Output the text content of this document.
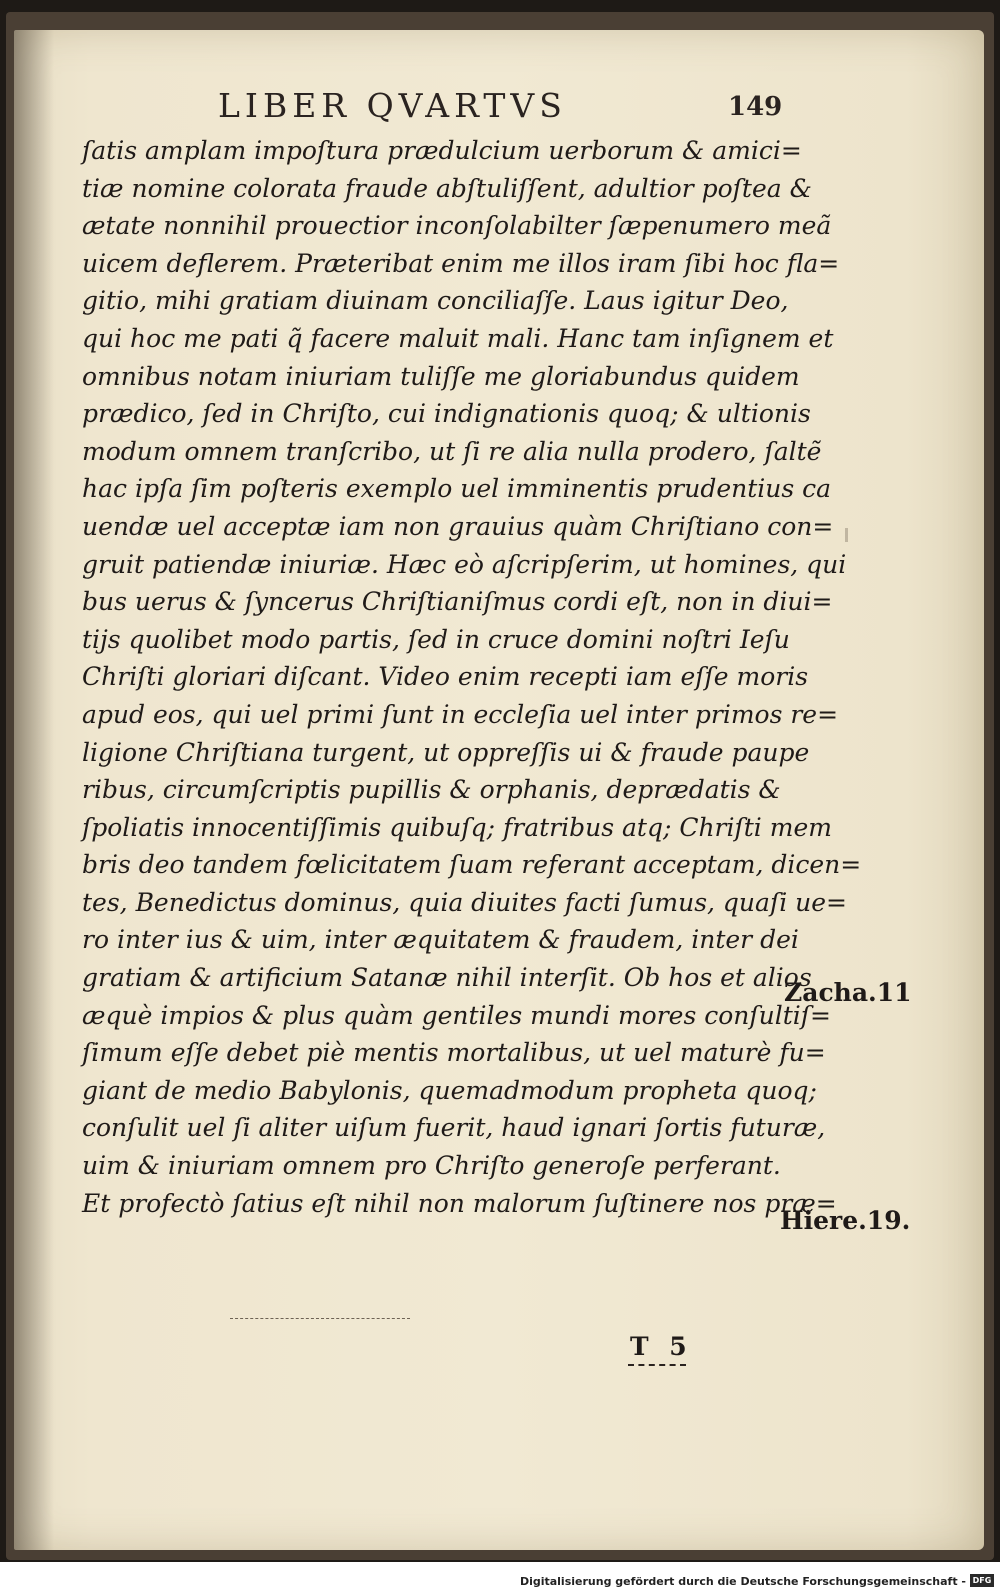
LIBER QVARTVS	149
ſatis amplam impoſtura prædulcium uerborum & amici=
tiæ nomine colorata fraude abſtuliſſent, adultior poſtea &
ætate nonnihil prouectior inconſolabilter ſæpenumero meã
uicem deflerem. Præteribat enim me illos iram ſibi hoc fla=
gitio, mihi gratiam diuinam conciliaſſe. Laus igitur Deo,
qui hoc me pati q̃ facere maluit mali. Hanc tam inſignem et
omnibus notam iniuriam tuliſſe me gloriabundus quidem
prædico, ſed in Chriſto, cui indignationis quoq; & ultionis
modum omnem tranſcribo, ut ſi re alia nulla prodero, ſaltẽ
hac ipſa ſim poſteris exemplo uel imminentis prudentius ca
uendæ uel acceptæ iam non grauius quàm Chriſtiano con=
gruit patiendæ iniuriæ. Hæc eò aſcripſerim, ut homines, qui
bus uerus & ſyncerus Chriſtianiſmus cordi eſt, non in diui=
tijs quolibet modo partis, ſed in cruce domini noſtri Ieſu
Chriſti gloriari diſcant. Video enim recepti iam eſſe moris
apud eos, qui uel primi ſunt in eccleſia uel inter primos re=
ligione Chriſtiana turgent, ut oppreſſis ui & fraude paupe
ribus, circumſcriptis pupillis & orphanis, deprædatis &
ſpoliatis innocentiſſimis quibuſq; fratribus atq; Chriſti mem
bris deo tandem fœlicitatem ſuam referant acceptam, dicen=
tes, Benedictus dominus, quia diuites facti ſumus, quaſi ue=
ro inter ius & uim, inter æquitatem & fraudem, inter dei
gratiam & artificium Satanæ nihil interſit. Ob hos et alios
æquè impios & plus quàm gentiles mundi mores conſultiſ=
ſimum eſſe debet piè mentis mortalibus, ut uel maturè fu=
giant de medio Babylonis, quemadmodum propheta quoq;
conſulit uel ſi aliter uiſum fuerit, haud ignari ſortis futuræ,
uim & iniuriam omnem pro Chriſto generoſe perferant.
Et profectò ſatius eſt nihil non malorum ſuſtinere nos præ=
Zacha.11
Hiere.19.
T 5
Digitalisierung gefördert durch die Deutsche Forschungsgemeinschaft - DFG
